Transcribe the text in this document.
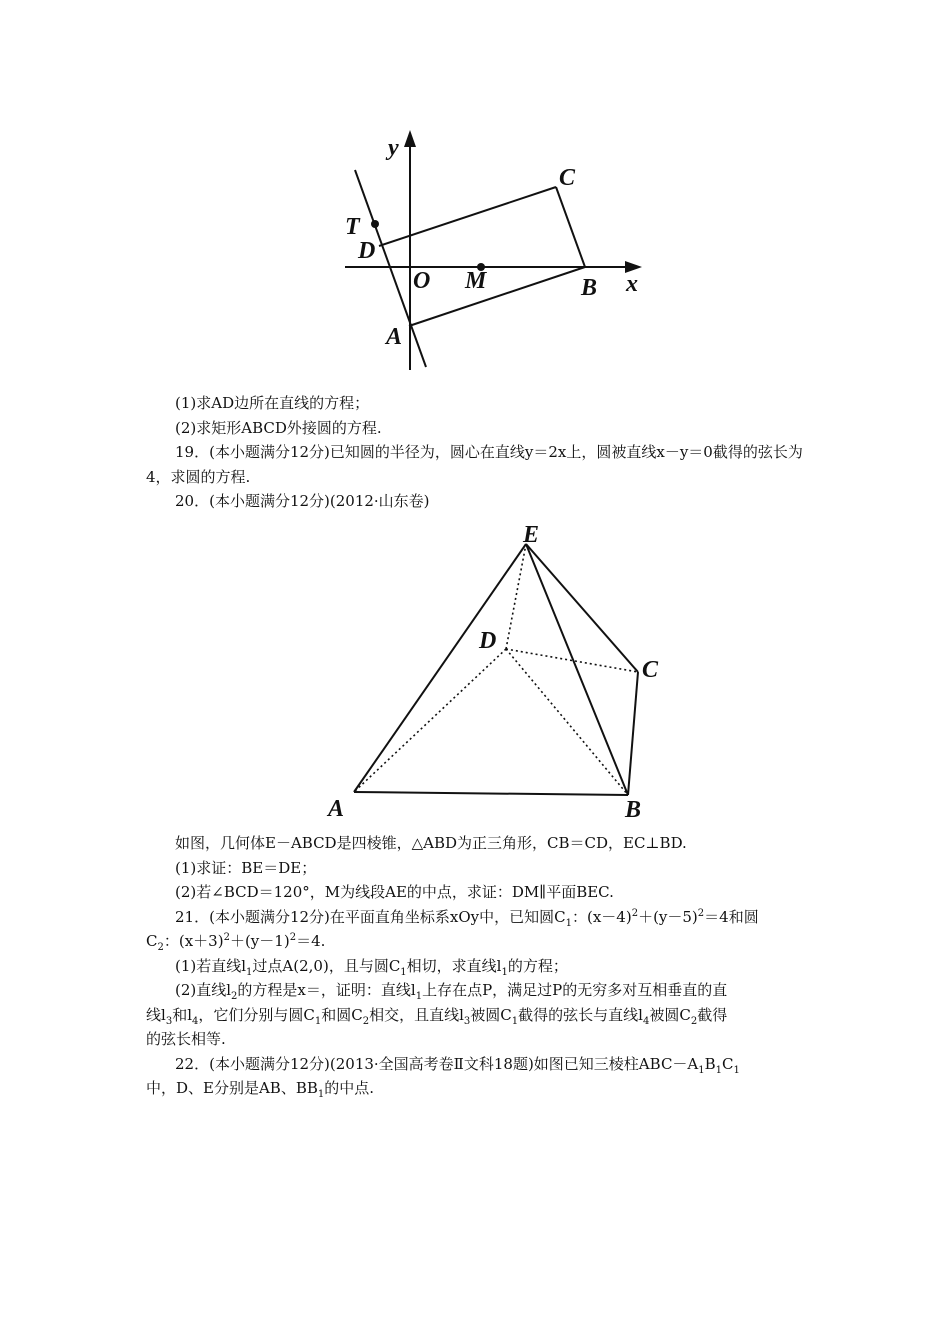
y
x
C
T
D
O M	B
A

(1)求AD边所在直线的方程；

(2)求矩形ABCD外接圆的方程.

19．(本小题满分12分)已知圆的半径为，圆心在直线y＝2x上，圆被直线x－y＝0截得的弦长为4，求圆的方程.

20．(本小题满分12分)(2012·山东卷)

E
D
C
A	B

如图，几何体E－ABCD是四棱锥，△ABD为正三角形，CB＝CD，EC⊥BD.

(1)求证：BE＝DE；

(2)若∠BCD＝120°，M为线段AE的中点，求证：DM∥平面BEC.

21．(本小题满分12分)在平面直角坐标系xOy中，已知圆$C_1$：$(x-4)^2+(y-5)^2=4$和圆
$C_2$：$(x+3)^2+(y-1)^2=4$.

(1)若直线$l_1$过点A(2,0)，且与圆$C_1$相切，求直线$l_1$的方程；

(2)直线$l_2$的方程是x＝，证明：直线$l_1$上存在点P，满足过P的无穷多对互相垂直的直
线$l_3$和$l_4$，它们分别与圆$C_1$和圆$C_2$相交，且直线$l_3$被圆$C_1$截得的弦长与直线$l_4$被圆$C_2$截得
的弦长相等.

22．(本小题满分12分)(2013·全国高考卷Ⅱ文科18题)如图已知三棱柱$ABC-A_1B_1C_1$
中，D、E分别是AB、$BB_1$的中点.
